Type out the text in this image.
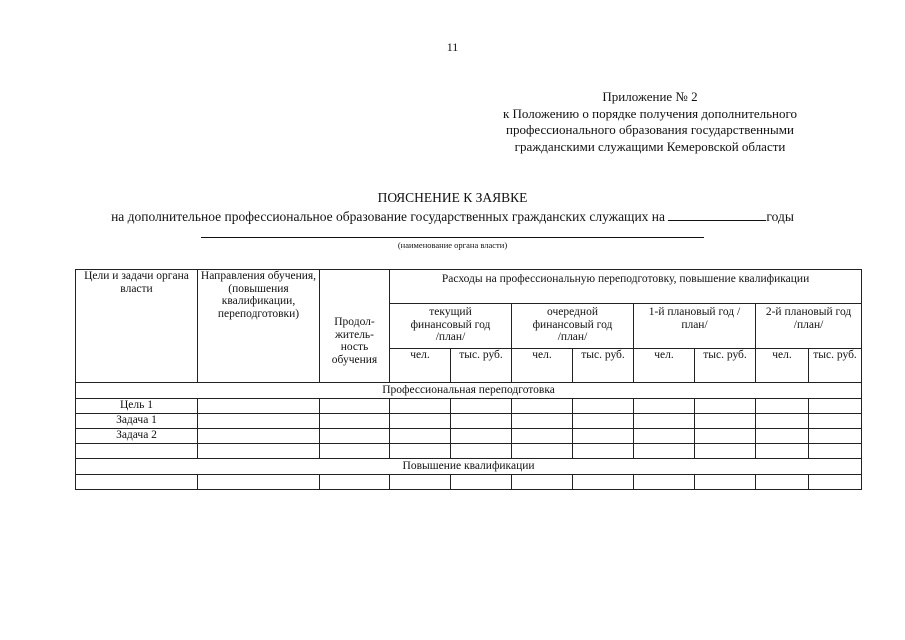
11
Приложение № 2
к Положению о порядке получения дополнительного
профессионального образования государственными
гражданскими служащими Кемеровской области
ПОЯСНЕНИЕ К ЗАЯВКЕ
на дополнительное профессиональное образование государственных гражданских служащих на	годы
(наименование органа власти)
Цели и задачи органа власти	Направления обучения, (повышения квалификации, переподготовки)	Продол-житель-ность обучения	Расходы на профессиональную переподготовку, повышение квалификации							
			текущий финансовый год /план/		очередной финансовый год /план/		1-й плановый год /план/		2-й плановый год /план/	
			чел.	тыс. руб.	чел.	тыс. руб.	чел.	тыс. руб.	чел.	тыс. руб.
Профессиональная переподготовка										
Цель 1										
Задача 1										
Задача 2										

Повышение квалификации										
